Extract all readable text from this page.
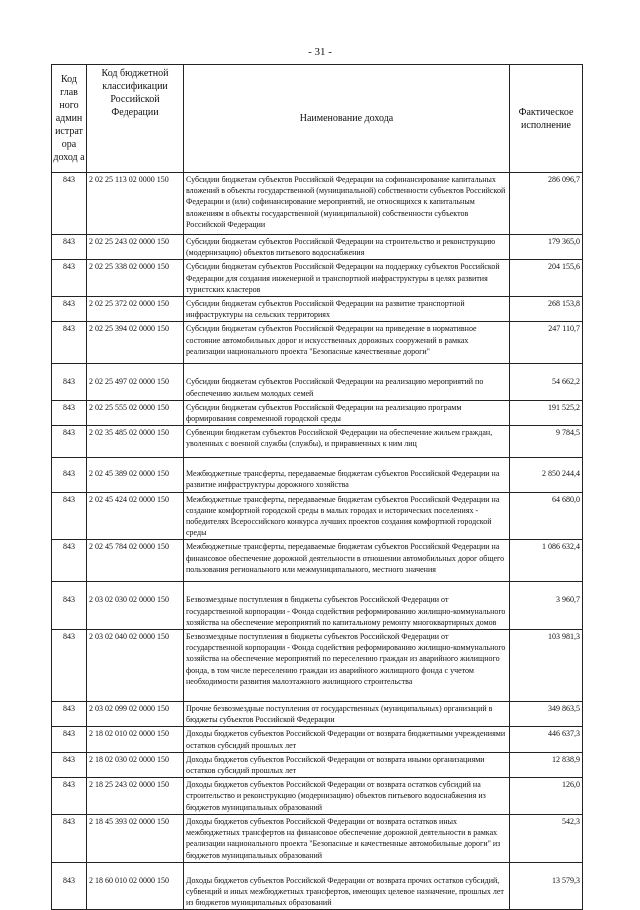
- 31 -
Код глав ного админ истрат ора доход а	Код бюджетной классификации Российской Федерации	Наименование дохода	Фактическое исполнение
843	2 02 25 113 02 0000 150	Субсидии бюджетам субъектов Российской Федерации на софинансирование капитальных вложений в объекты государственной (муниципальной) собственности субъектов Российской Федерации и (или) софинансирование мероприятий, не относящихся к капитальным вложениям в объекты государственной (муниципальной) собственности субъектов Российской Федерации	286 096,7
843	2 02 25 243 02 0000 150	Субсидии бюджетам субъектов Российской Федерации на строительство и реконструкцию (модернизацию) объектов питьевого водоснабжения	179 365,0
843	2 02 25 338 02 0000 150	Субсидии бюджетам субъектов Российской Федерации на поддержку субъектов Российской Федерации для создания инженерной и транспортной инфраструктуры в целях развития туристских кластеров	204 155,6
843	2 02 25 372 02 0000 150	Субсидии бюджетам субъектов Российской Федерации на развитие транспортной инфраструктуры на сельских территориях	268 153,8
843	2 02 25 394 02 0000 150	Субсидии бюджетам субъектов Российской Федерации на приведение в нормативное состояние автомобильных дорог и искусственных дорожных сооружений в рамках реализации национального проекта "Безопасные качественные дороги"	247 110,7
843	2 02 25 497 02 0000 150	Субсидии бюджетам субъектов Российской Федерации на реализацию мероприятий по обеспечению жильем молодых семей	54 662,2
843	2 02 25 555 02 0000 150	Субсидии бюджетам субъектов Российской Федерации на реализацию программ формирования современной городской среды	191 525,2
843	2 02 35 485 02 0000 150	Субвенции бюджетам субъектов Российской Федерации на обеспечение жильем граждан, уволенных с военной службы (службы), и приравненных к ним лиц	9 784,5
843	2 02 45 389 02 0000 150	Межбюджетные трансферты, передаваемые бюджетам субъектов Российской Федерации на развитие инфраструктуры дорожного хозяйства	2 850 244,4
843	2 02 45 424 02 0000 150	Межбюджетные трансферты, передаваемые бюджетам субъектов Российской Федерации на создание комфортной городской среды в малых городах и исторических поселениях - победителях Всероссийского конкурса лучших проектов создания комфортной городской среды	64 680,0
843	2 02 45 784 02 0000 150	Межбюджетные трансферты, передаваемые бюджетам субъектов Российской Федерации на финансовое обеспечение дорожной деятельности в отношении автомобильных дорог общего пользования регионального или межмуниципального, местного значения	1 086 632,4
843	2 03 02 030 02 0000 150	Безвозмездные поступления в бюджеты субъектов Российской Федерации от государственной корпорации - Фонда содействия реформированию жилищно-коммунального хозяйства на обеспечение мероприятий по капитальному ремонту многоквартирных домов	3 960,7
843	2 03 02 040 02 0000 150	Безвозмездные поступления в бюджеты субъектов Российской Федерации от государственной корпорации - Фонда содействия реформированию жилищно-коммунального хозяйства на обеспечение мероприятий по переселению граждан из аварийного жилищного фонда, в том числе переселению граждан из аварийного жилищного фонда с учетом необходимости развития малоэтажного жилищного строительства	103 981,3
843	2 03 02 099 02 0000 150	Прочие безвозмездные поступления от государственных (муниципальных) организаций в бюджеты субъектов Российской Федерации	349 863,5
843	2 18 02 010 02 0000 150	Доходы бюджетов субъектов Российской Федерации от возврата бюджетными учреждениями остатков субсидий прошлых лет	446 637,3
843	2 18 02 030 02 0000 150	Доходы бюджетов субъектов Российской Федерации от возврата иными организациями остатков субсидий прошлых лет	12 838,9
843	2 18 25 243 02 0000 150	Доходы бюджетов субъектов Российской Федерации от возврата остатков субсидий на строительство и реконструкцию (модернизацию) объектов питьевого водоснабжения из бюджетов муниципальных образований	126,0
843	2 18 45 393 02 0000 150	Доходы бюджетов субъектов Российской Федерации от возврата остатков иных межбюджетных трансфертов на финансовое обеспечение дорожной деятельности в рамках реализации национального проекта "Безопасные и качественные автомобильные дороги" из бюджетов муниципальных образований	542,3
843	2 18 60 010 02 0000 150	Доходы бюджетов субъектов Российской Федерации от возврата прочих остатков субсидий, субвенций и иных межбюджетных трансфертов, имеющих целевое назначение, прошлых лет из бюджетов муниципальных образований	13 579,3
